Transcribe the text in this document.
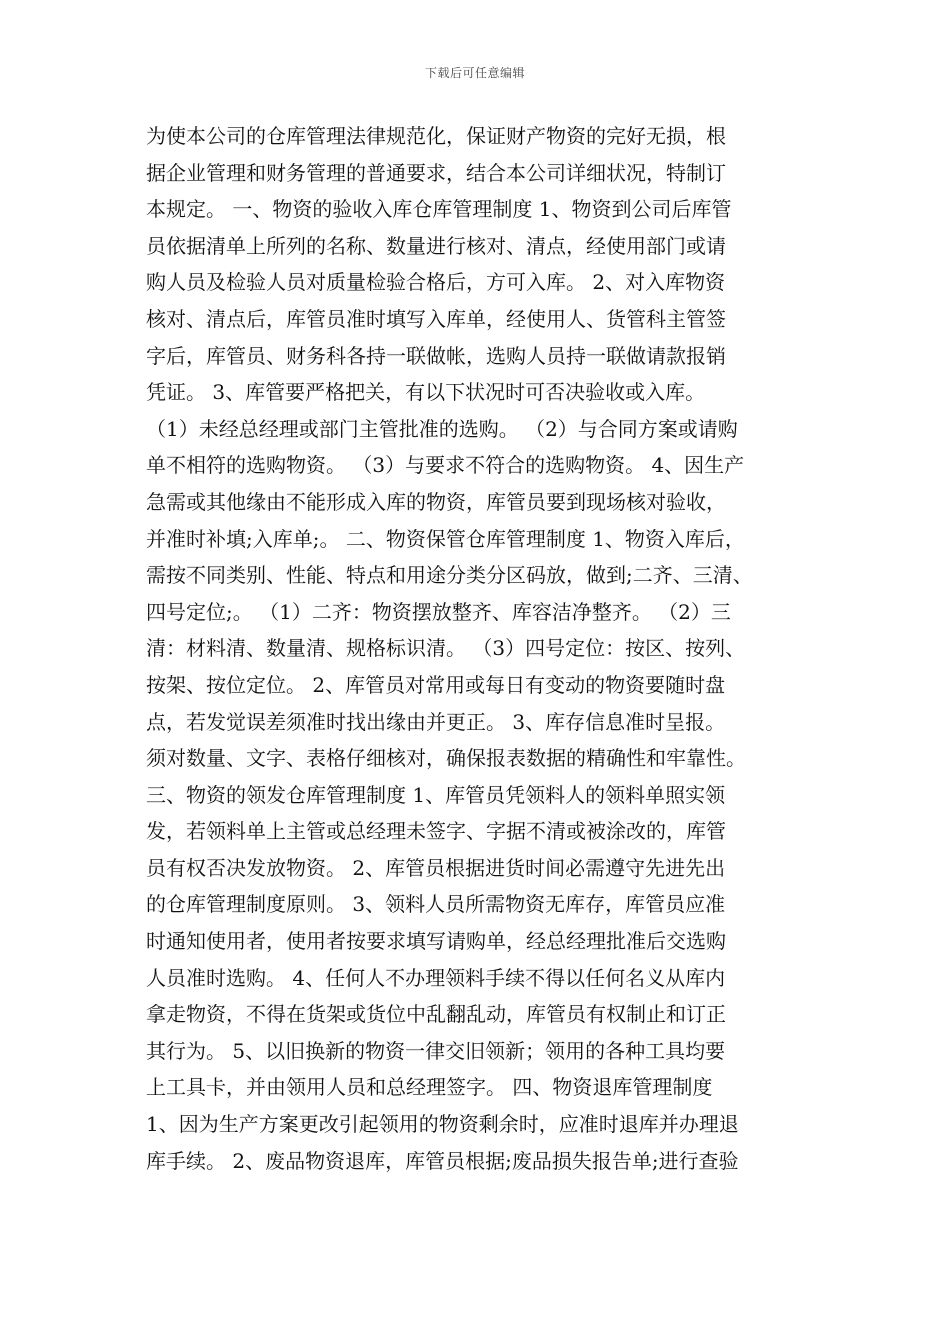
下载后可任意编辑
为使本公司的仓库管理法律规范化，保证财产物资的完好无损，根
据企业管理和财务管理的普通要求，结合本公司详细状况，特制订
本规定。 一、物资的验收入库仓库管理制度 1、物资到公司后库管
员依据清单上所列的名称、数量进行核对、清点，经使用部门或请
购人员及检验人员对质量检验合格后，方可入库。 2、对入库物资
核对、清点后，库管员准时填写入库单，经使用人、货管科主管签
字后，库管员、财务科各持一联做帐，选购人员持一联做请款报销
凭证。 3、库管要严格把关，有以下状况时可否决验收或入库。
（1）未经总经理或部门主管批准的选购。 （2）与合同方案或请购
单不相符的选购物资。 （3）与要求不符合的选购物资。 4、因生产
急需或其他缘由不能形成入库的物资，库管员要到现场核对验收，
并准时补填;入库单;。 二、物资保管仓库管理制度 1、物资入库后，
需按不同类别、性能、特点和用途分类分区码放，做到;二齐、三清、
四号定位;。 （1）二齐：物资摆放整齐、库容洁净整齐。 （2）三
清：材料清、数量清、规格标识清。 （3）四号定位：按区、按列、
按架、按位定位。 2、库管员对常用或每日有变动的物资要随时盘
点，若发觉误差须准时找出缘由并更正。 3、库存信息准时呈报。
须对数量、文字、表格仔细核对，确保报表数据的精确性和牢靠性。
三、物资的领发仓库管理制度 1、库管员凭领料人的领料单照实领
发，若领料单上主管或总经理未签字、字据不清或被涂改的，库管
员有权否决发放物资。 2、库管员根据进货时间必需遵守先进先出
的仓库管理制度原则。 3、领料人员所需物资无库存，库管员应准
时通知使用者，使用者按要求填写请购单，经总经理批准后交选购
人员准时选购。 4、任何人不办理领料手续不得以任何名义从库内
拿走物资，不得在货架或货位中乱翻乱动，库管员有权制止和订正
其行为。 5、以旧换新的物资一律交旧领新；领用的各种工具均要
上工具卡，并由领用人员和总经理签字。 四、物资退库管理制度
1、因为生产方案更改引起领用的物资剩余时，应准时退库并办理退
库手续。 2、废品物资退库，库管员根据;废品损失报告单;进行查验
